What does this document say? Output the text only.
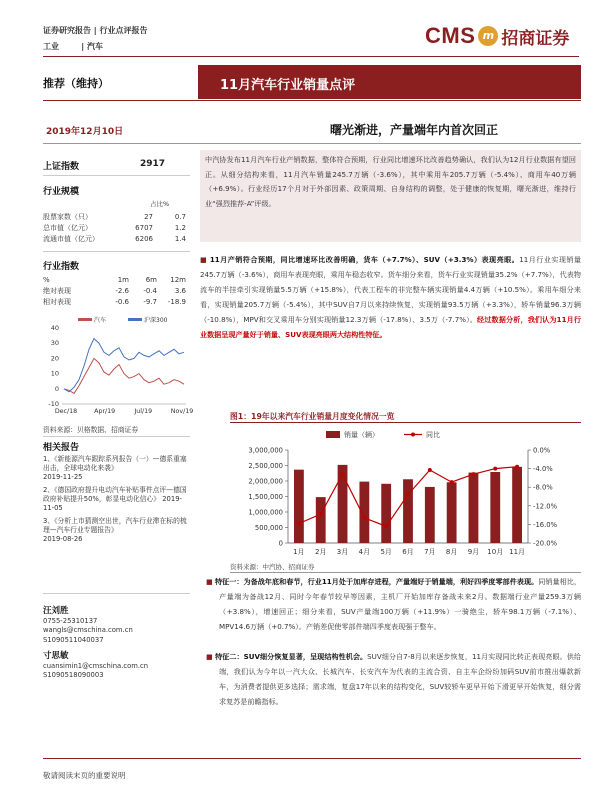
证券研究报告 | 行业点评报告
工业        | 汽车	CMS m 招商证券
推荐（维持）	11月汽车行业销量点评
2019年12月10日	曙光渐进，产量端年内首次回正
上证指数	2917
行业规模
占比%
股票家数（只）	27	0.7
总市值（亿元）	6707	1.2
流通市值（亿元）	6206	1.4
行业指数
%	1m	6m	12m
绝对表现	-2.6	-0.4	3.6
相对表现	-0.6	-9.7	-18.9
40
30
20
10
0
-10
Dec/18	Apr/19	Jul/19	Nov/19
汽车	沪深300
资料来源：贝格数据、招商证券
相关报告
1、《新能源汽车跟踪系列报告（一）—德系重塞出击，全球电动化来袭》
2019-11-25
2、《德国政府提升电动汽车补贴事件点评—德国政府补贴提升50%，彰显电动化信心》 2019-11-05
3、《分析上市猜测空出世，汽车行业滞在标的梳理—汽车行业专题报告》
2019-08-26
汪刘胜
0755-25310137
wangls@cmschina.com.cn
S1090511040037
寸思敏
cuansimin1@cmschina.com.cn
S1090518090003
中汽协发布11月汽车行业产销数据，整体符合预期，行业同比增速环比改善趋势确认，我们认为12月行业数据有望回正。从细分结构来看，11月汽车销量245.7万辆（-3.6%），其中乘用车205.7万辆（-5.4%）、商用车40万辆（+6.9%）。行业经历17个月对于外部因素、政策周期、自身结构的调整，处于健康的恢复期，曙光渐进，维持行业“强烈推荐-A”评级。
■ 11月产销符合预期，同比增速环比改善明确，货车（+7.7%）、SUV（+3.3%）表现亮眼。11月行业实现销量245.7万辆（-3.6%），商用车表现亮眼，乘用车稳态收窄。货车细分来看，货车行业实现销量35.2%（+7.7%），代表物流车的半挂牵引实现销量5.5万辆（+15.8%），代表工程车的非完整车辆实现销量4.4万辆（+10.5%）。乘用车细分来看，实现销量205.7万辆（-5.4%），其中SUV自7月以来持续恢复，实现销量93.5万辆（+3.3%），轿车销量96.3万辆（-10.8%），MPV和交叉乘用车分别实现销量12.3万辆（-17.8%）、3.5万（-7.7%）。经过数据分析，我们认为11月行业数据呈现产量好于销量、SUV表现亮眼两大结构性特征。
图1：19年以来汽车行业销量月度变化情况一览
销量（辆）	同比
3,000,000
2,500,000
2,000,000
1,500,000
1,000,000
500,000
0
0.0%
-4.0%
-8.0%
-12.0%
-16.0%
-20.0%
1月 2月 3月 4月 5月 6月 7月 8月 9月 10月 11月
资料来源：中汽协、招商证券
■ 特征一：为备战年底和春节，行业11月处于加库存进程，产量端好于销量端，利好四季度零部件表现。同销量相比，产量端为备战12月、同时今年春节较早等因素，主机厂开始加库存备战未来2月。数据端行业产量259.3万辆（+3.8%），增速回正；细分来看，SUV产量端100万辆（+11.9%）一骑绝尘，轿车98.1万辆（-7.1%）、MPV14.6万辆（+0.7%）。产销差促使零部件端四季度表现强于整车。
■ 特征二：SUV细分恢复显著，呈现结构性机会。SUV细分自7-8月以来逐步恢复，11月实现同比转正表现亮眼。供给端，我们认为今年以一汽大众、长城汽车、长安汽车为代表的主流合资、自主车企纷纷加码SUV前市推出爆款新车，为消费者提供更多选择；需求端，复盘17年以来的结构变化，SUV较轿车更早开始下滑更早开始恢复，细分需求复苏是前瞻指标。
敬请阅读末页的重要说明
